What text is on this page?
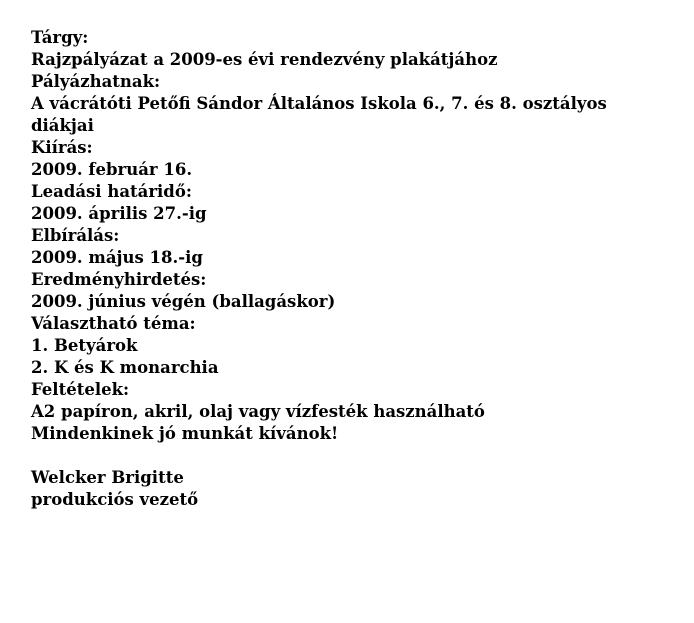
Tárgy:
Rajzpályázat a 2009-es évi rendezvény plakátjához
Pályázhatnak:
A vácrátóti Petőfi Sándor Általános Iskola 6., 7. és 8. osztályos
diákjai
Kiírás:
2009. február 16.
Leadási határidő:
2009. április 27.-ig
Elbírálás:
2009. május 18.-ig
Eredményhirdetés:
2009. június végén (ballagáskor)
Választható téma:
1. Betyárok
2. K és K monarchia
Feltételek:
A2 papíron, akril, olaj vagy vízfesték használható
Mindenkinek jó munkát kívánok!
Welcker Brigitte
produkciós vezető
